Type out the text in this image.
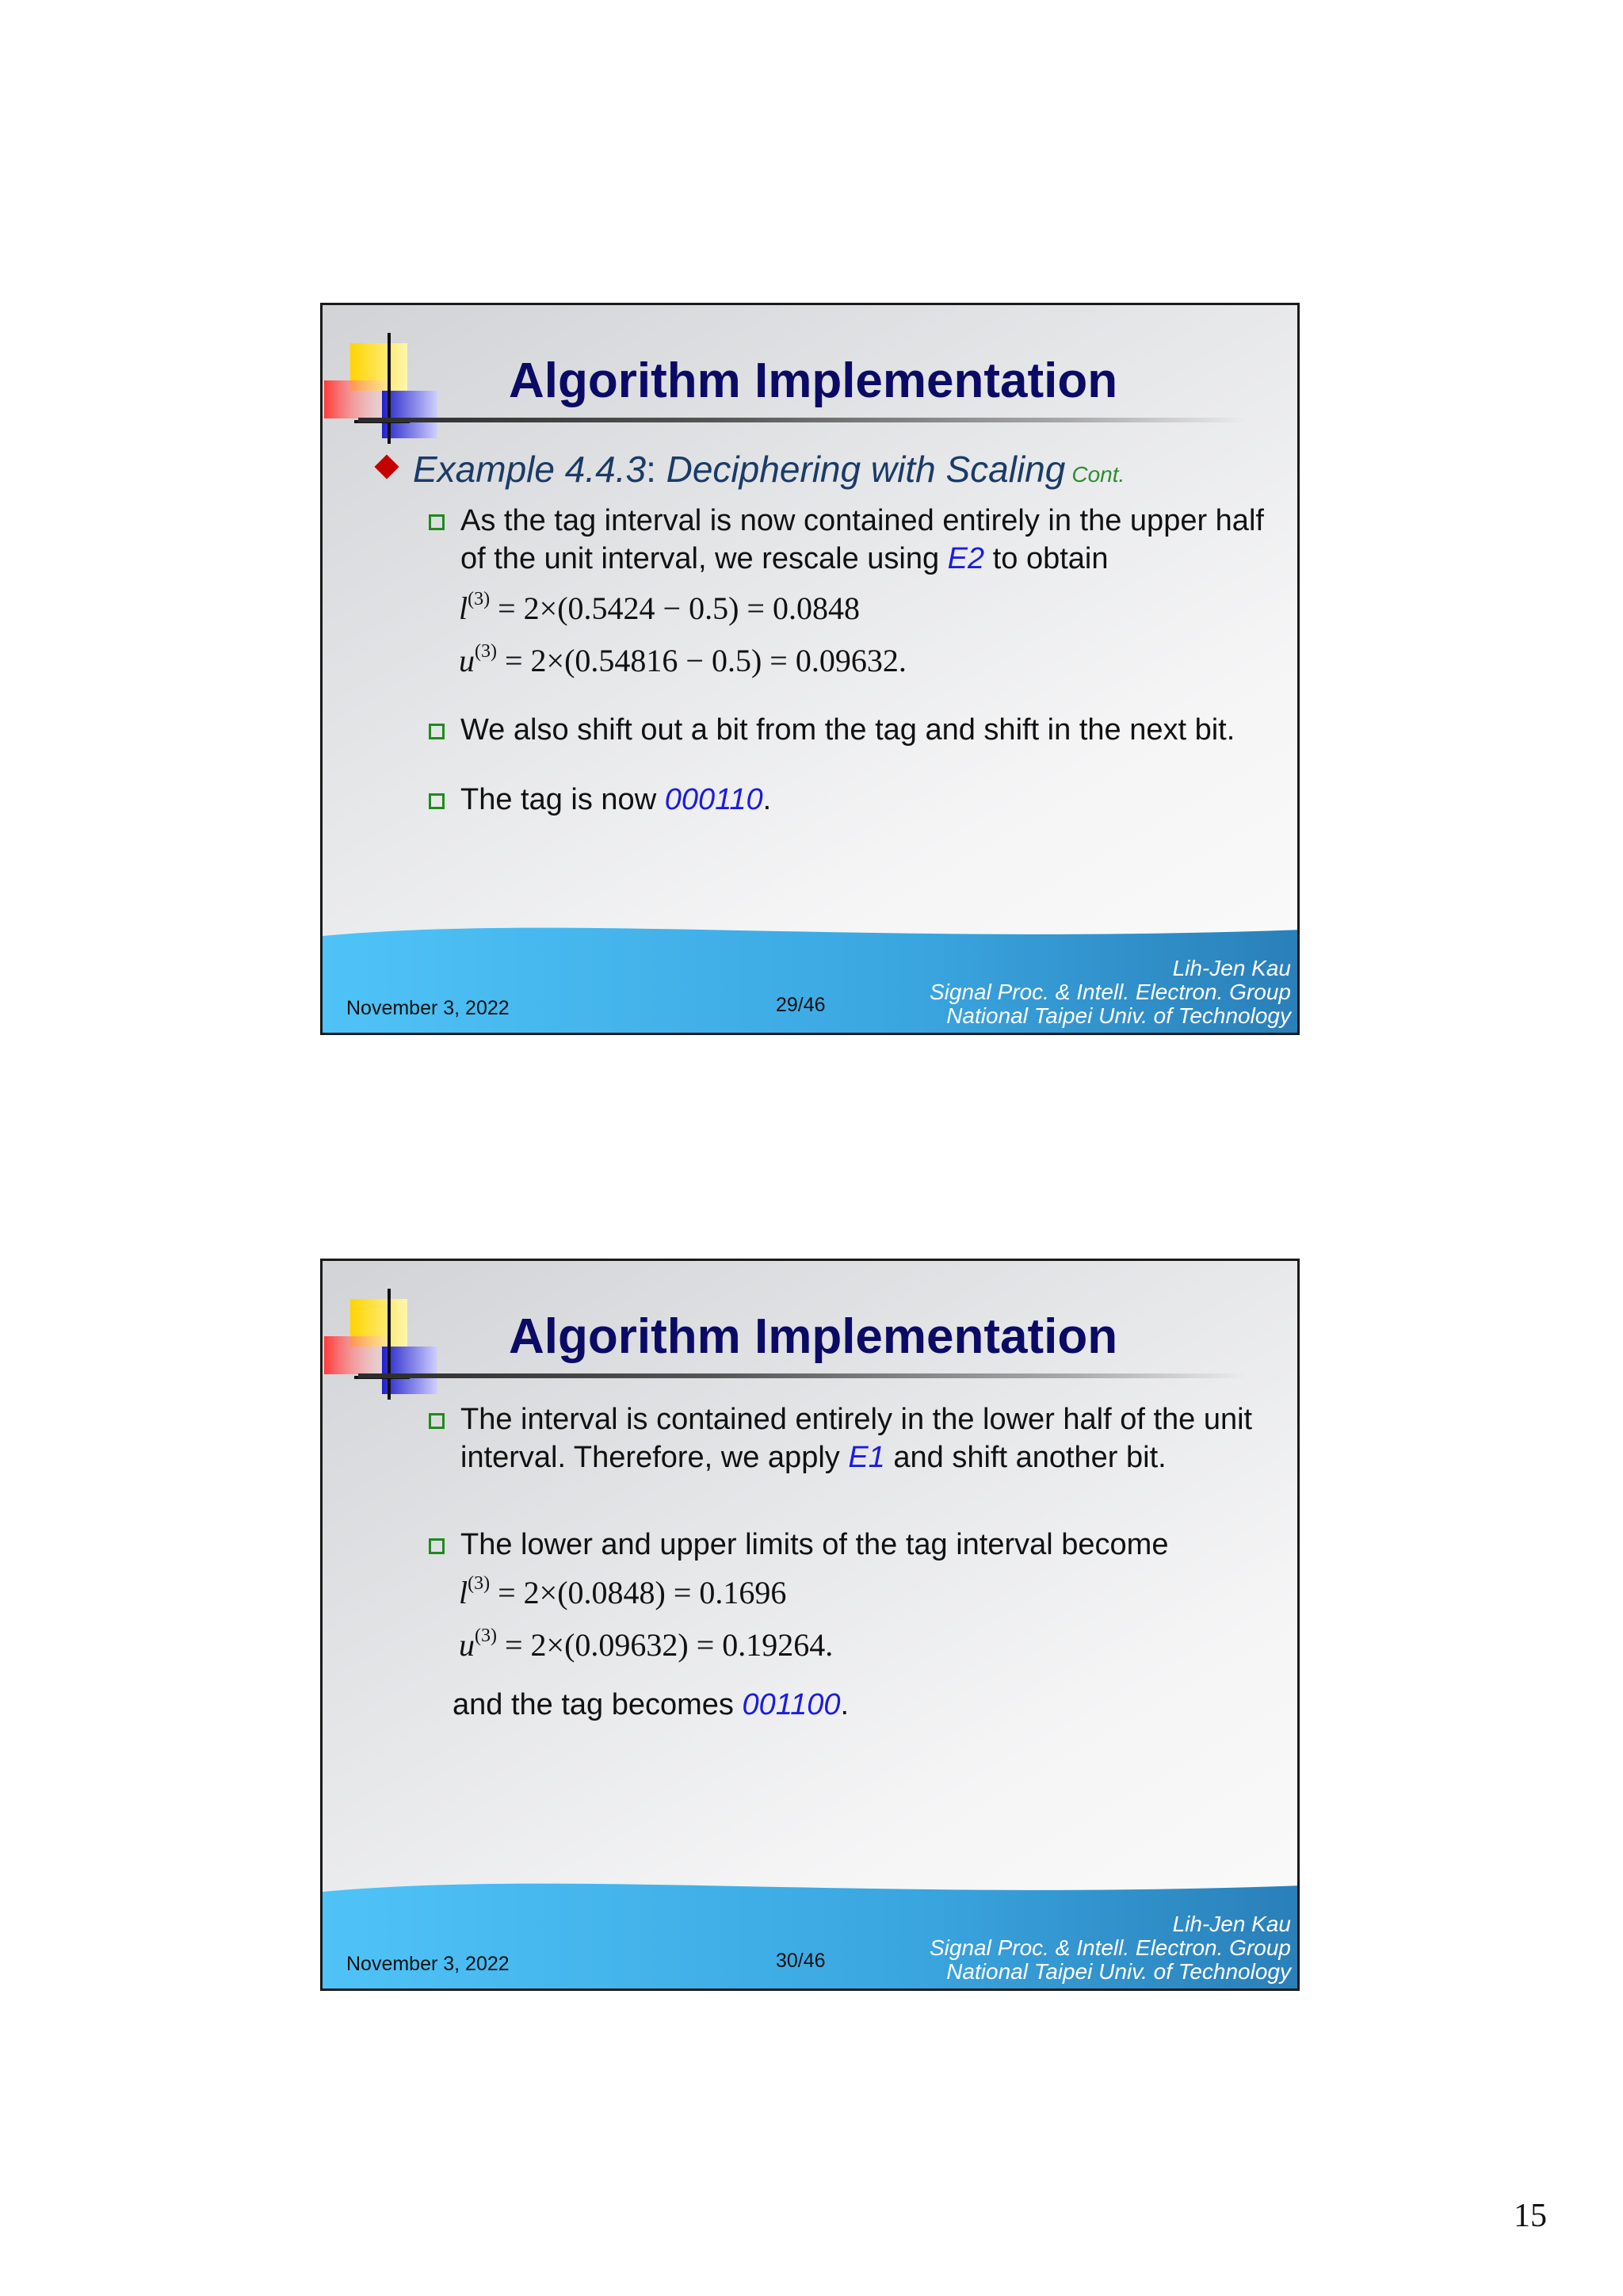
Algorithm Implementation
Example 4.4.3: Deciphering with Scaling Cont.
As the tag interval is now contained entirely in the upper half of the unit interval, we rescale using E2 to obtain
$l^{(3)} = 2\times(0.5424 - 0.5) = 0.0848$
$u^{(3)} = 2\times(0.54816 - 0.5) = 0.09632$.
We also shift out a bit from the tag and shift in the next bit.
The tag is now 000110.
November 3, 2022	29/46
Lih-Jen Kau
Signal Proc. & Intell. Electron. Group
National Taipei Univ. of Technology
Algorithm Implementation
The interval is contained entirely in the lower half of the unit interval. Therefore, we apply E1 and shift another bit.
The lower and upper limits of the tag interval become
$l^{(3)} = 2\times(0.0848) = 0.1696$
$u^{(3)} = 2\times(0.09632) = 0.19264$.
and the tag becomes 001100.
November 3, 2022	30/46
Lih-Jen Kau
Signal Proc. & Intell. Electron. Group
National Taipei Univ. of Technology
15
